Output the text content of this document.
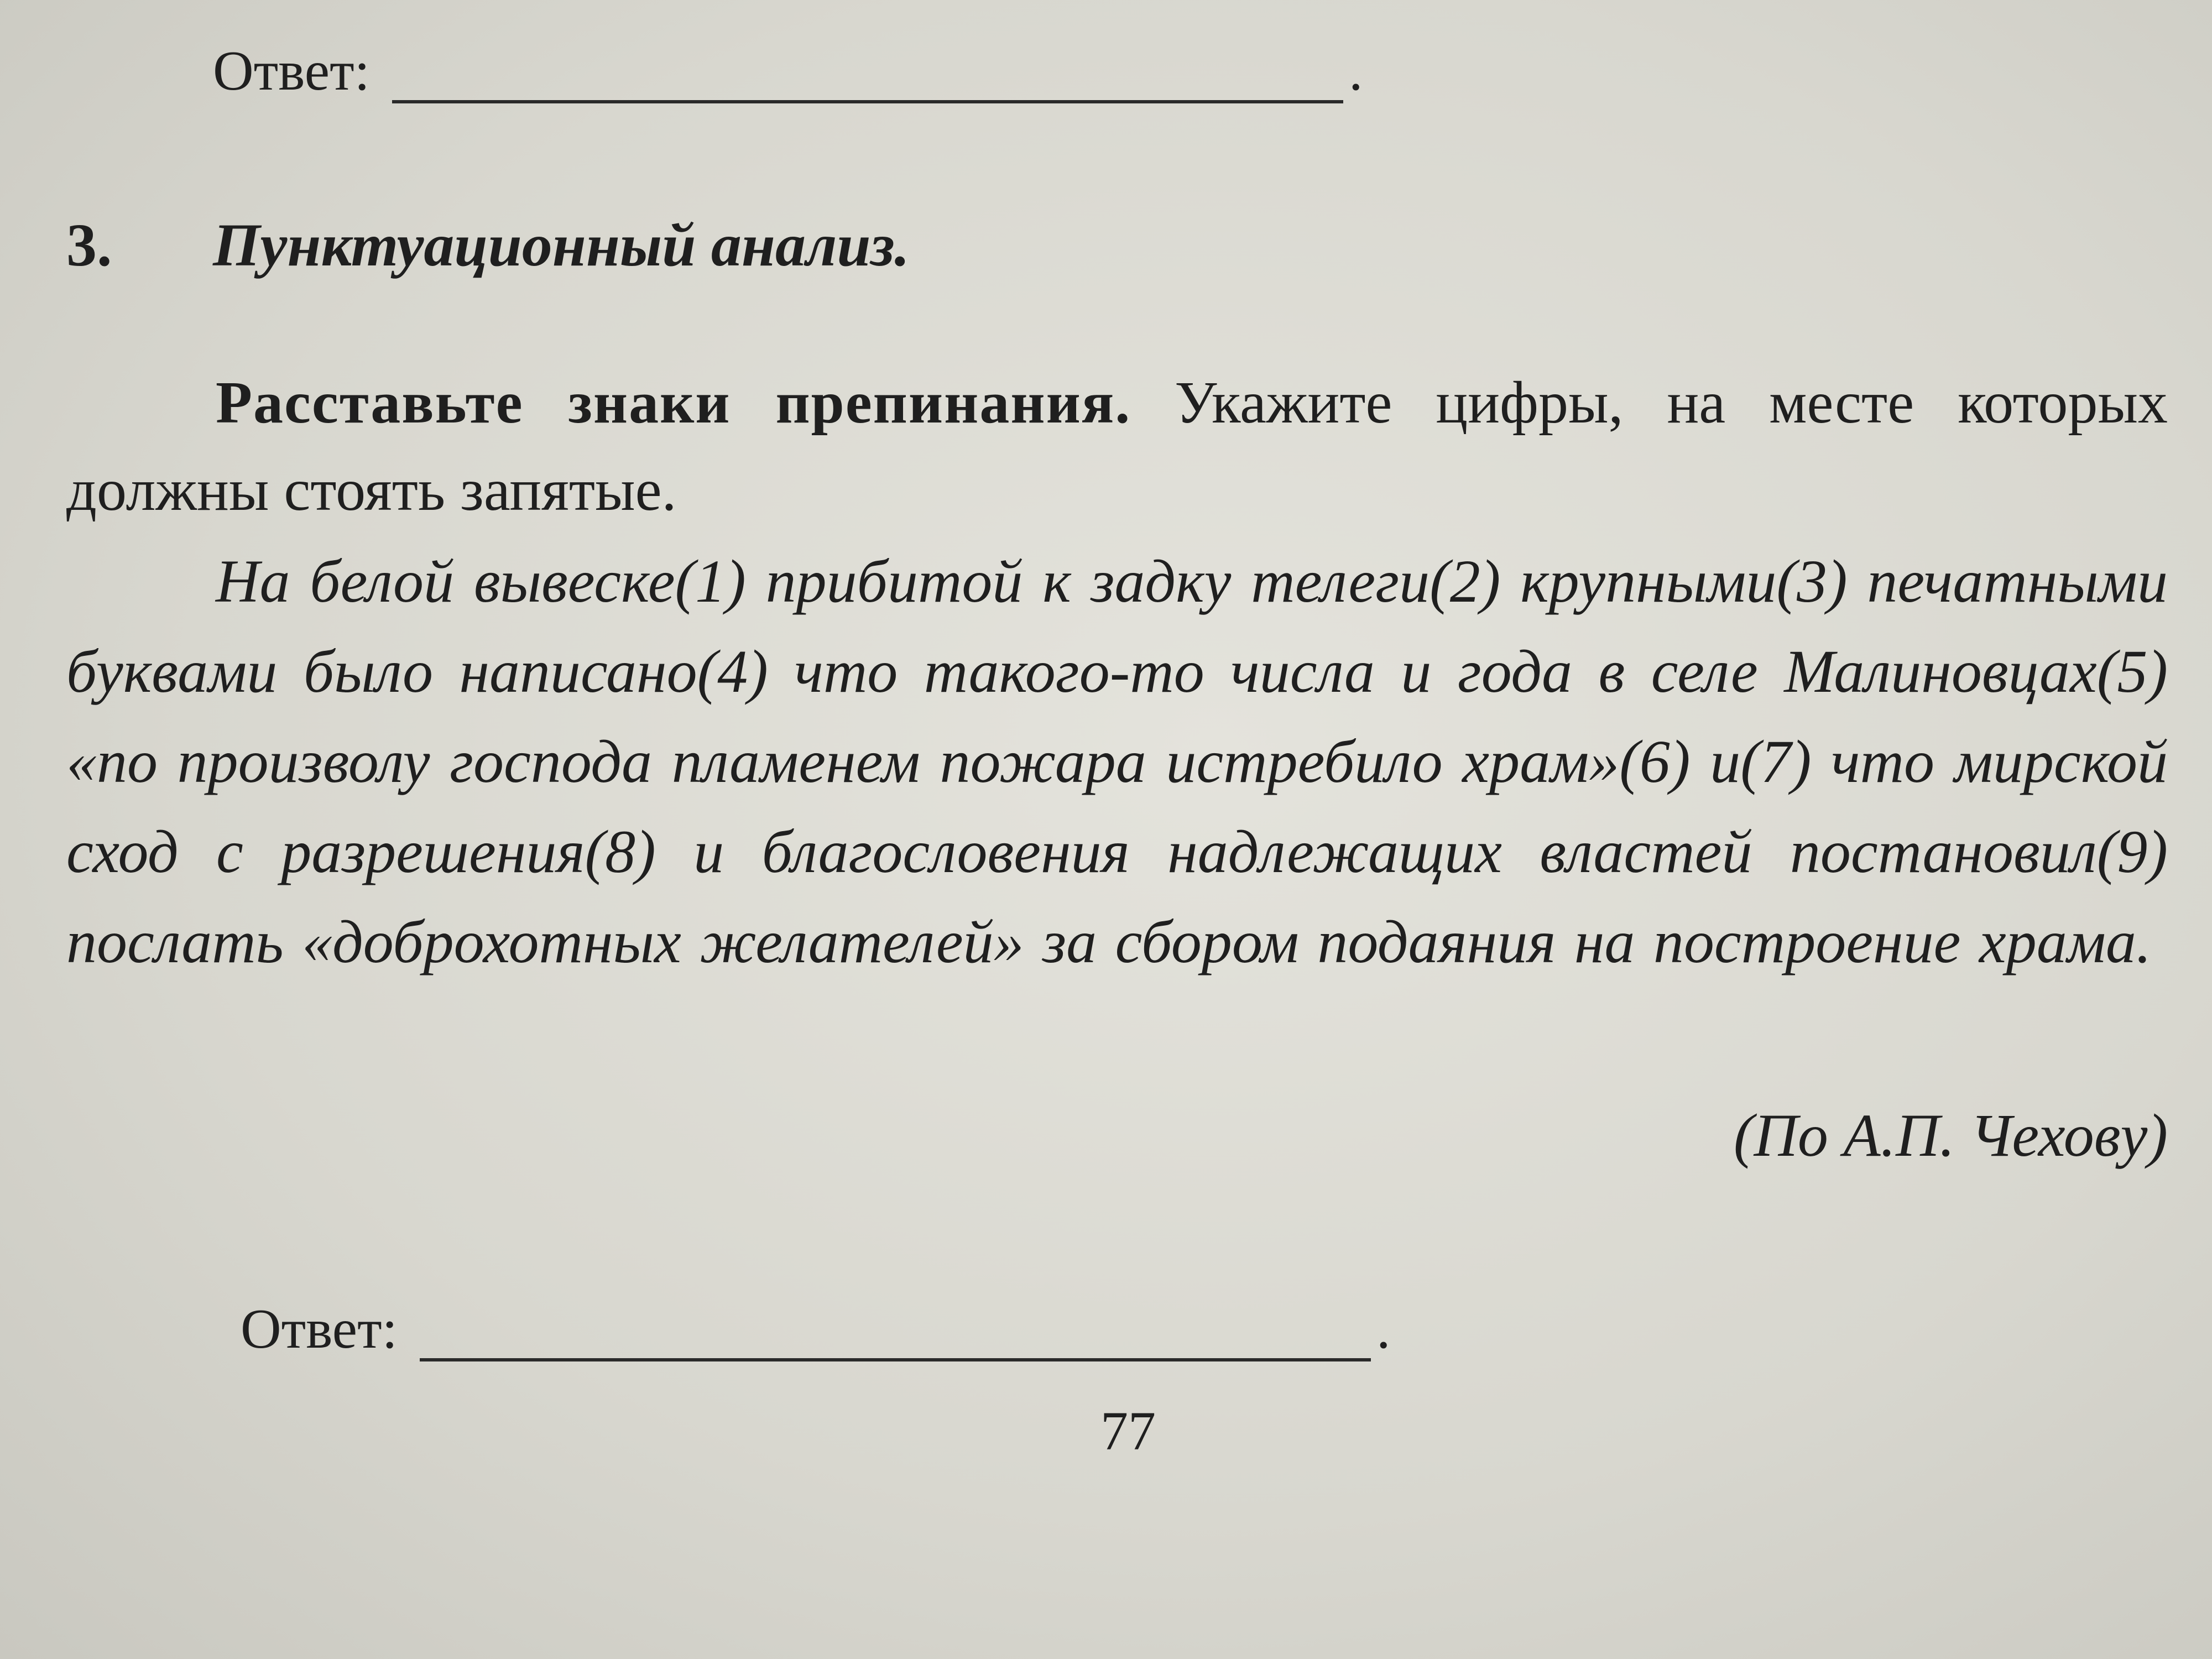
Ответ:	.
3.	Пунктуационный анализ.
Расставьте знаки препинания. Укажите цифры, на месте которых должны стоять запятые.
На белой вывеске(1) прибитой к задку телеги(2) крупными(3) печатными буквами было написано(4) что такого-то числа и года в селе Малиновцах(5) «по произволу господа пламенем пожара истребило храм»(6) и(7) что мирской сход с разрешения(8) и благословения надлежащих властей постановил(9) послать «доброхотных желателей» за сбором подаяния на построение храма.
(По А.П. Чехову)
Ответ:	.
77
